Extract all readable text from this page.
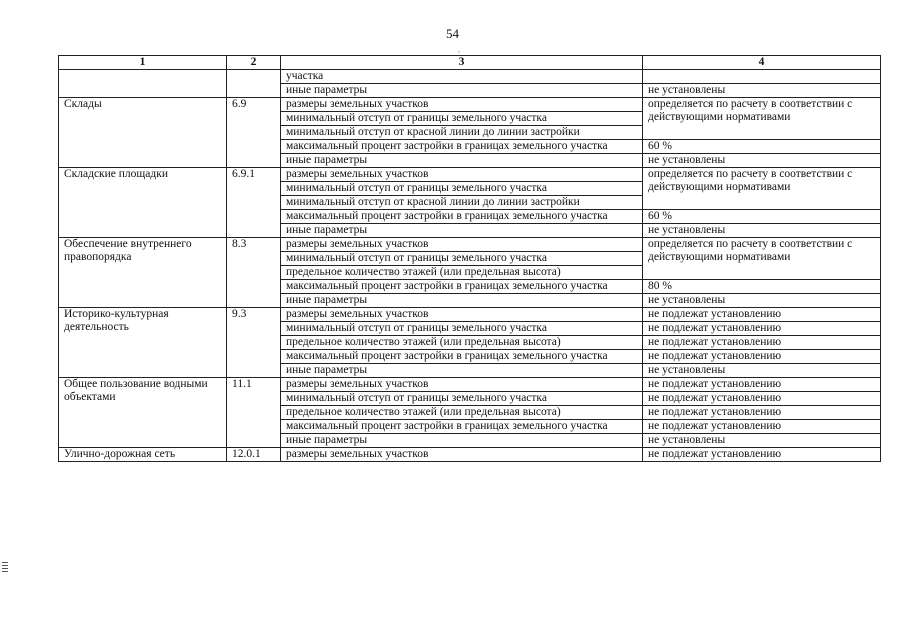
54
˛
1	2	3	4
		участка	
		иные параметры	не установлены
Склады	6.9	размеры земельных участков	определяется по расчету в соответствии с действующими нормативами
		минимальный отступ от границы земельного участка	
		минимальный отступ от красной линии до линии застройки	
		максимальный процент застройки в границах земельного участка	60 %
		иные параметры	не установлены
Складские площадки	6.9.1	размеры земельных участков	определяется по расчету в соответствии с действующими нормативами
		минимальный отступ от границы земельного участка	
		минимальный отступ от красной линии до линии застройки	
		максимальный процент застройки в границах земельного участка	60 %
		иные параметры	не установлены
Обеспечение внутреннего правопорядка	8.3	размеры земельных участков	определяется по расчету в соответствии с действующими нормативами
		минимальный отступ от границы земельного участка	
		предельное количество этажей (или предельная высота)	
		максимальный процент застройки в границах земельного участка	80 %
		иные параметры	не установлены
Историко-культурная деятельность	9.3	размеры земельных участков	не подлежат установлению
		минимальный отступ от границы земельного участка	не подлежат установлению
		предельное количество этажей (или предельная высота)	не подлежат установлению
		максимальный процент застройки в границах земельного участка	не подлежат установлению
		иные параметры	не установлены
Общее пользование водными объектами	11.1	размеры земельных участков	не подлежат установлению
		минимальный отступ от границы земельного участка	не подлежат установлению
		предельное количество этажей (или предельная высота)	не подлежат установлению
		максимальный процент застройки в границах земельного участка	не подлежат установлению
		иные параметры	не установлены
Улично-дорожная сеть	12.0.1	размеры земельных участков	не подлежат установлению
